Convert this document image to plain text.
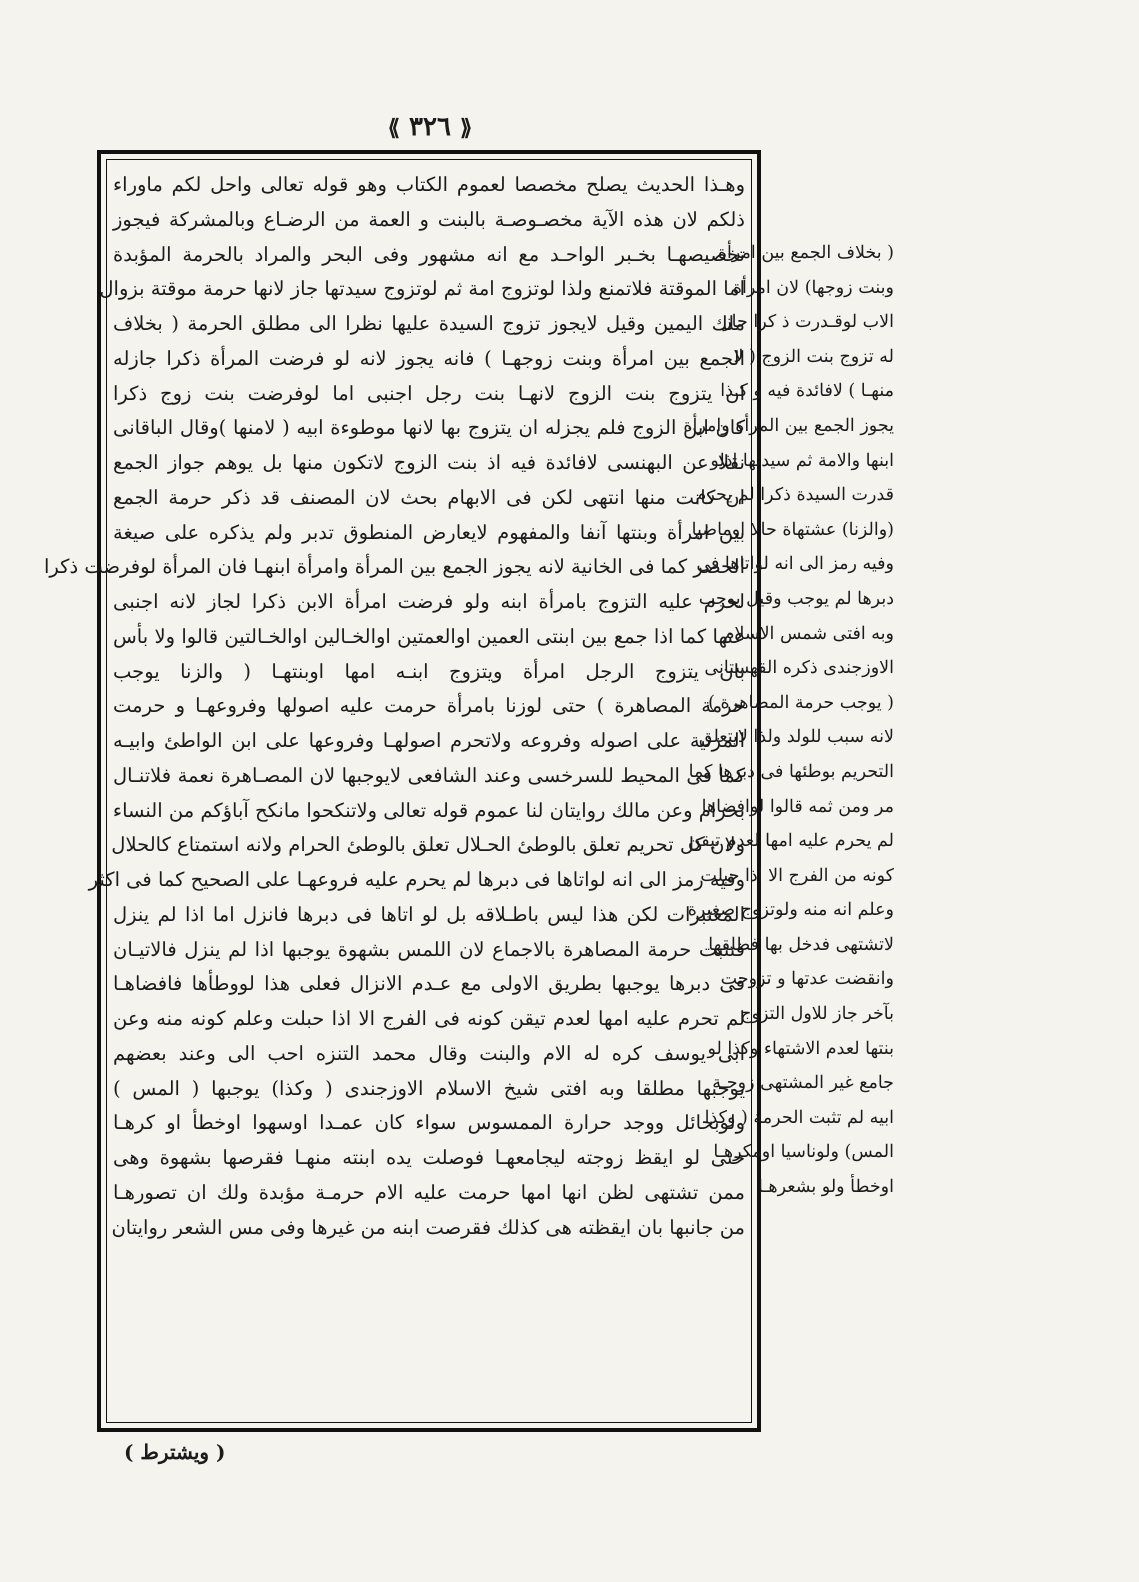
⟪ ٣٢٦ ⟫
وهـذا الحديث يصلح مخصصا لعموم الكتاب وهو قوله تعالى واحل لكم ماوراء
ذلكم لان هذه الآية مخصـوصـة بالبنت و العمة من الرضـاع وبالمشركة فيجوز
تخصيصهـا بخـبر الواحـد مع انه مشهور وفى البحر والمراد بالحرمة المؤبدة
اما الموقتة فلاتمنع ولذا لوتزوج امة ثم لوتزوج سيدتها جاز لانها حرمة موقتة بزوال
ملك اليمين وقيل لايجوز تزوج السيدة عليها نظرا الى مطلق الحرمة ( بخلاف
الجمع بين امرأة وبنت زوجهـا ) فانه يجوز لانه لو فرضت المرأة ذكرا جازله
ان يتزوج بنت الزوج لانهـا بنت رجل اجنبى اما لوفرضت بنت زوج ذكرا
كان ابن الزوج فلم يجزله ان يتزوج بها لانها موطوءة ابيه ( لامنها )وقال الباقانى
نقلا عن البهنسى لافائدة فيه اذ بنت الزوج لاتكون منها بل يوهم جواز الجمع
ان كانت منها انتهى لكن فى الابهام بحث لان المصنف قد ذكر حرمة الجمع
بين امرأة وبنتها آنفا والمفهوم لايعارض المنطوق تدبر ولم يذكره على صيغة
الحصر كما فى الخانية لانه يجوز الجمع بين المرأة وامرأة ابنهـا فان المرأة لوفرضت ذكرا
لحرم عليه التزوج بامرأة ابنه ولو فرضت امرأة الابن ذكرا لجاز لانه اجنبى
عنها كما اذا جمع بين ابنتى العمين اوالعمتين اوالخـالين اوالخـالتين قالوا ولا بأس
بان يتزوج الرجل امرأة ويتزوج ابنـه امها اوبنتهـا ( والزنا يوجب
حرمة المصاهرة ) حتى لوزنا بامرأة حرمت عليه اصولها وفروعهـا و حرمت
المزنية على اصوله وفروعه ولاتحرم اصولهـا وفروعها على ابن الواطئ وابيـه
كما فى المحيط للسرخسى وعند الشافعى لايوجبها لان المصـاهرة نعمة فلاتنـال
بحرام وعن مالك روايتان لنا عموم قوله تعالى ولاتنكحوا مانكح آباؤكم من النساء
ولان كل تحريم تعلق بالوطئ الحـلال تعلق بالوطئ الحرام ولانه استمتاع كالحلال
وفيه رمز الى انه لواتاها فى دبرها لم يحرم عليه فروعهـا على الصحيح كما فى اكثر
المعتبرات لكن هذا ليس باطـلاقه بل لو اتاها فى دبرها فانزل اما اذا لم ينزل
فتثبت حرمة المصاهرة بالاجماع لان اللمس بشهوة يوجبها اذا لم ينزل فالاتيـان
فى دبرها يوجبها بطريق الاولى مع عـدم الانزال فعلى هذا لووطأها فافضاهـا
لم تحرم عليه امها لعدم تيقن كونه فى الفرج الا اذا حبلت وعلم كونه منه وعن
ابى يوسف كره له الام والبنت وقال محمد التنزه احب الى وعند بعضهم
يوجبها مطلقا وبه افتى شيخ الاسلام الاوزجندى ( وكذا) يوجبها ( المس )
ولوبحائل ووجد حرارة الممسوس سواء كان عمـدا اوسهوا اوخطأ او كرهـا
حتى لو ايقظ زوجته ليجامعهـا فوصلت يده ابنته منهـا فقرصها بشهوة وهى
ممن تشتهى لظن انها امها حرمت عليه الام حرمـة مؤبدة ولك ان تصورهـا
من جانبها بان ايقظته هى كذلك فقرصت ابنه من غيرها وفى مس الشعر روايتان
( بخلاف الجمع بين امرأة
وبنت زوجها) لان امرأة
الاب لوقـدرت ذ كرا جاز
له تزوج بنت الزوج ( لا
منهـا ) لافائدة فيه و كـذا
يجوز الجمع بين المرأة وامرأة
ابنها والامة ثم سيدتها اذلو
قدرت السيدة ذكرا لم يحرم
(والزنا) عشتهاة حالا اوماضيا
وفيه رمز الى انه لواتاها فى
دبرها لم يوجب وقيل يوجب
وبه افتى شمس الاسلام
الاوزجندى ذكره القهستانى
( يوجب حرمة المصاهرة )
لانه سبب للولد ولذا لايتعلق
التحريم بوطئها فى دبرها كما
مر ومن ثمه قالوا لوافضاها
لم يحرم عليه امها لعدم تيقن
كونه من الفرج الا اذا حبلت
وعلم انه منه ولوتزوج صغيرة
لاتشتهى فدخل بها فطلقها
وانقضت عدتها و تزوجت
بآخر جاز للاول التزوج
بنتها لعدم الاشتهاء وكذا لو
جامع غير المشتهى زوجـة
ابيه لم تثبت الحرمة ( وكذا
المس) ولوناسيا اومكرهـا
اوخطأ ولو بشعرهـا
( ويشترط )
